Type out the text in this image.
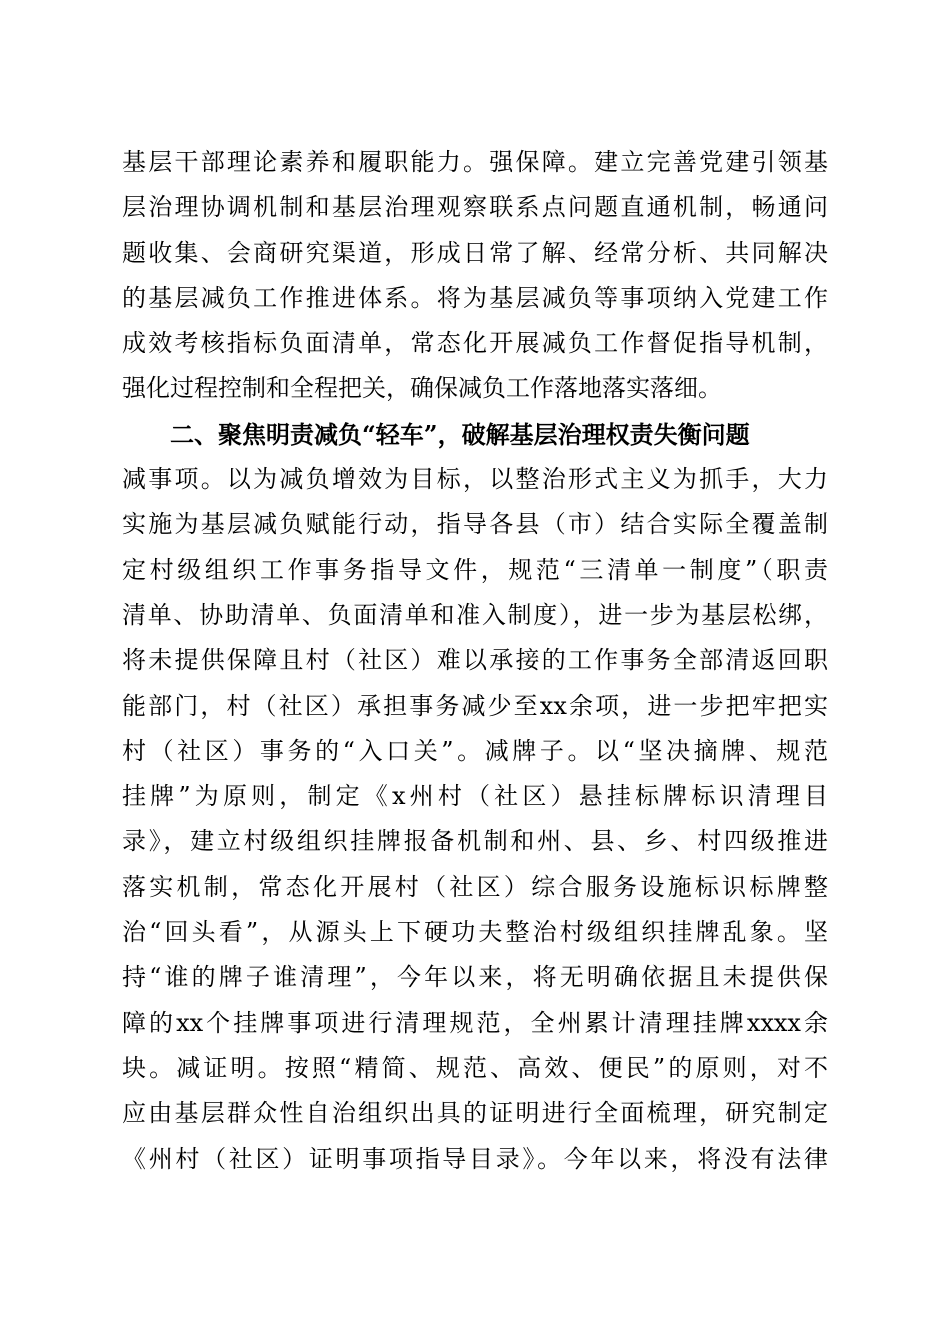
基层干部理论素养和履职能力。强保障。建立完善党建引领基
层治理协调机制和基层治理观察联系点问题直通机制，畅通问
题收集、会商研究渠道，形成日常了解、经常分析、共同解决
的基层减负工作推进体系。将为基层减负等事项纳入党建工作
成效考核指标负面清单，常态化开展减负工作督促指导机制，
强化过程控制和全程把关，确保减负工作落地落实落细。
二、聚焦明责减负“轻车”，破解基层治理权责失衡问题
减事项。以为减负增效为目标，以整治形式主义为抓手，大力
实施为基层减负赋能行动，指导各县（市）结合实际全覆盖制
定村级组织工作事务指导文件，规范“三清单一制度”（职责
清单、协助清单、负面清单和准入制度），进一步为基层松绑，
将未提供保障且村（社区）难以承接的工作事务全部清返回职
能部门，村（社区）承担事务减少至xx余项，进一步把牢把实
村（社区）事务的“入口关”。减牌子。以“坚决摘牌、规范
挂牌”为原则，制定《x州村（社区）悬挂标牌标识清理目
录》，建立村级组织挂牌报备机制和州、县、乡、村四级推进
落实机制，常态化开展村（社区）综合服务设施标识标牌整
治“回头看”，从源头上下硬功夫整治村级组织挂牌乱象。坚
持“谁的牌子谁清理”，今年以来，将无明确依据且未提供保
障的xx个挂牌事项进行清理规范，全州累计清理挂牌xxxx余
块。减证明。按照“精简、规范、高效、便民”的原则，对不
应由基层群众性自治组织出具的证明进行全面梳理，研究制定
《州村（社区）证明事项指导目录》。今年以来，将没有法律
